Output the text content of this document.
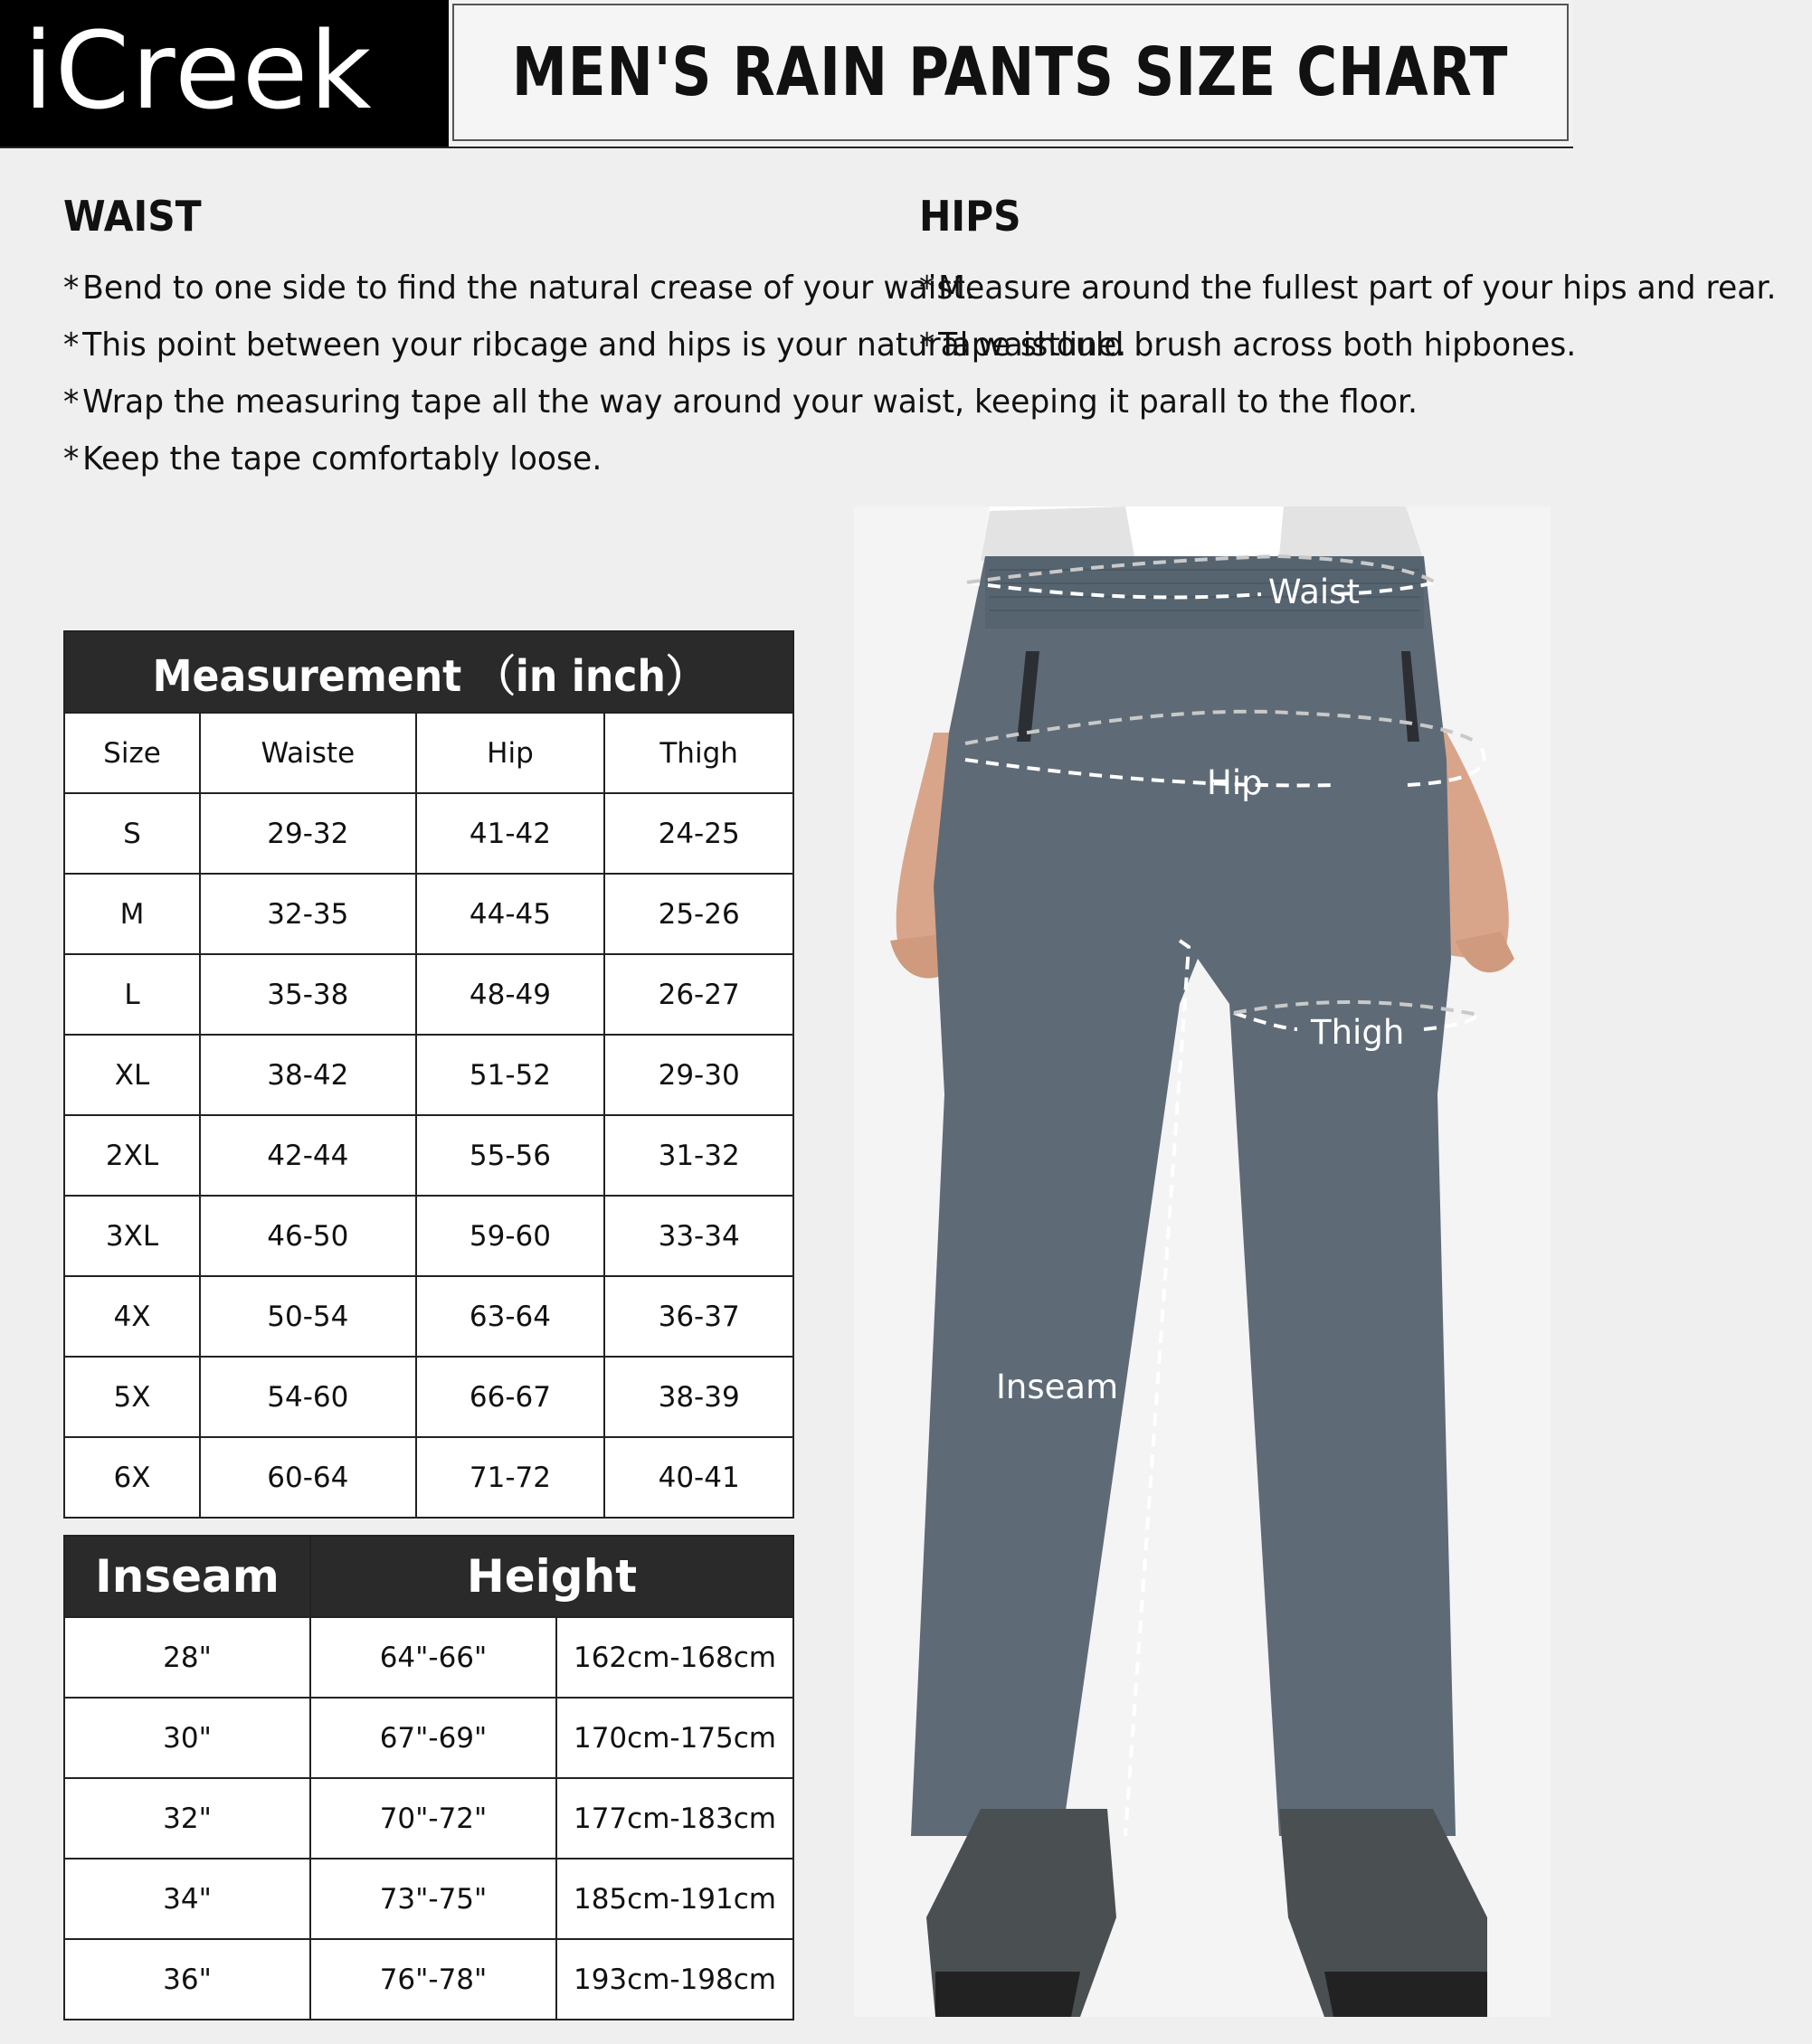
iCreek MEN'S RAIN PANTS SIZE CHART
WAIST
* Bend to one side to find the natural crease of your waist.
* This point between your ribcage and hips is your natural waistline.
* Wrap the measuring tape all the way around your waist, keeping it parall to the floor.
* Keep the tape comfortably loose.
HIPS
* Measure around the fullest part of your hips and rear.
* Tape should brush across both hipbones.
Measurement （in inch）			
Size	Waiste	Hip	Thigh
S	29-32	41-42	24-25
M	32-35	44-45	25-26
L	35-38	48-49	26-27
XL	38-42	51-52	29-30
2XL	42-44	55-56	31-32
3XL	46-50	59-60	33-34
4X	50-54	63-64	36-37
5X	54-60	66-67	38-39
6X	60-64	71-72	40-41
Inseam	Height	
28"	64"-66"	162cm-168cm
30"	67"-69"	170cm-175cm
32"	70"-72"	177cm-183cm
34"	73"-75"	185cm-191cm
36"	76"-78"	193cm-198cm
Waist
Hip
Thigh
Inseam
